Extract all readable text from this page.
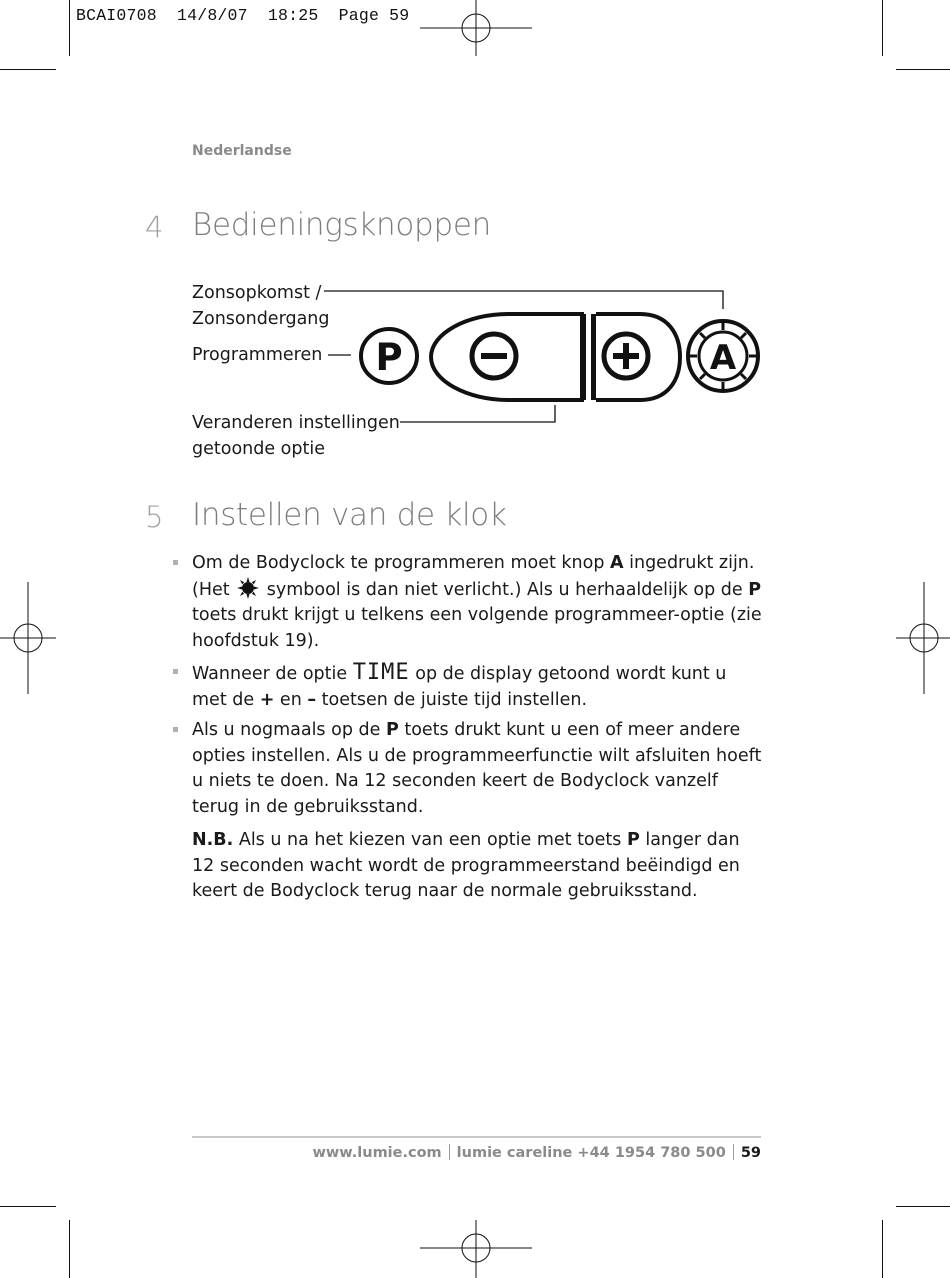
BCAI0708  14/8/07  18:25  Page 59
Nederlandse
4 Bedieningsknoppen
Zonsopkomst /
Zonsondergang
Programmeren
Veranderen instellingen
getoonde optie
P	A
5 Instellen van de klok
Om de Bodyclock te programmeren moet knop A ingedrukt zijn. (Het  symbool is dan niet verlicht.) Als u herhaaldelijk op de P toets drukt krijgt u telkens een volgende programmeer-optie (zie hoofdstuk 19).
Wanneer de optie TIME op de display getoond wordt kunt u met de + en – toetsen de juiste tijd instellen.
Als u nogmaals op de P toets drukt kunt u een of meer andere opties instellen. Als u de programmeerfunctie wilt afsluiten hoeft u niets te doen. Na 12 seconden keert de Bodyclock vanzelf terug in de gebruiksstand.
N.B. Als u na het kiezen van een optie met toets P langer dan 12 seconden wacht wordt de programmeerstand beëindigd en keert de Bodyclock terug naar de normale gebruiksstand.
www.lumie.com lumie careline +44 1954 780 500 59
